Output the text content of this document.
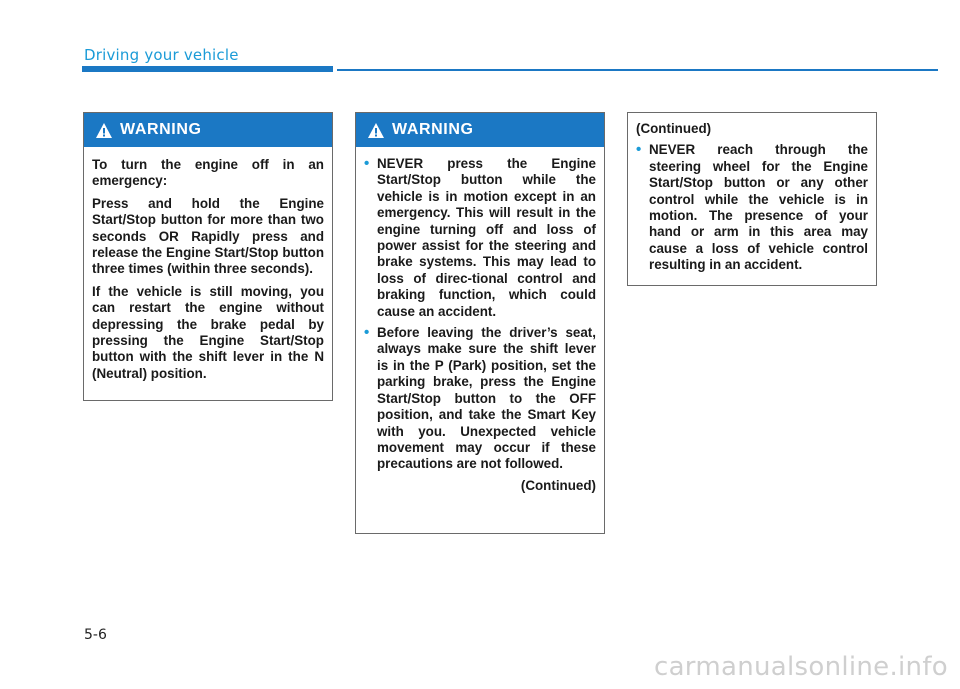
Driving your vehicle
WARNING

To turn the engine off in an emergency:

Press and hold the Engine Start/Stop button for more than two seconds OR Rapidly press and release the Engine Start/Stop button three times (within three seconds).

If the vehicle is still moving, you can restart the engine without depressing the brake pedal by pressing the Engine Start/Stop button with the shift lever in the N (Neutral) position.

WARNING
• NEVER press the Engine Start/Stop button while the vehicle is in motion except in an emergency. This will result in the engine turning off and loss of power assist for the steering and brake systems. This may lead to loss of direc-tional control and braking function, which could cause an accident.
• Before leaving the driver’s seat, always make sure the shift lever is in the P (Park) position, set the parking brake, press the Engine Start/Stop button to the OFF position, and take the Smart Key with you. Unexpected vehicle movement may occur if these precautions are not followed.
(Continued)
(Continued)
• NEVER reach through the steering wheel for the Engine Start/Stop button or any other control while the vehicle is in motion. The presence of your hand or arm in this area may cause a loss of vehicle control resulting in an accident.
5-6
carmanualsonline.info
